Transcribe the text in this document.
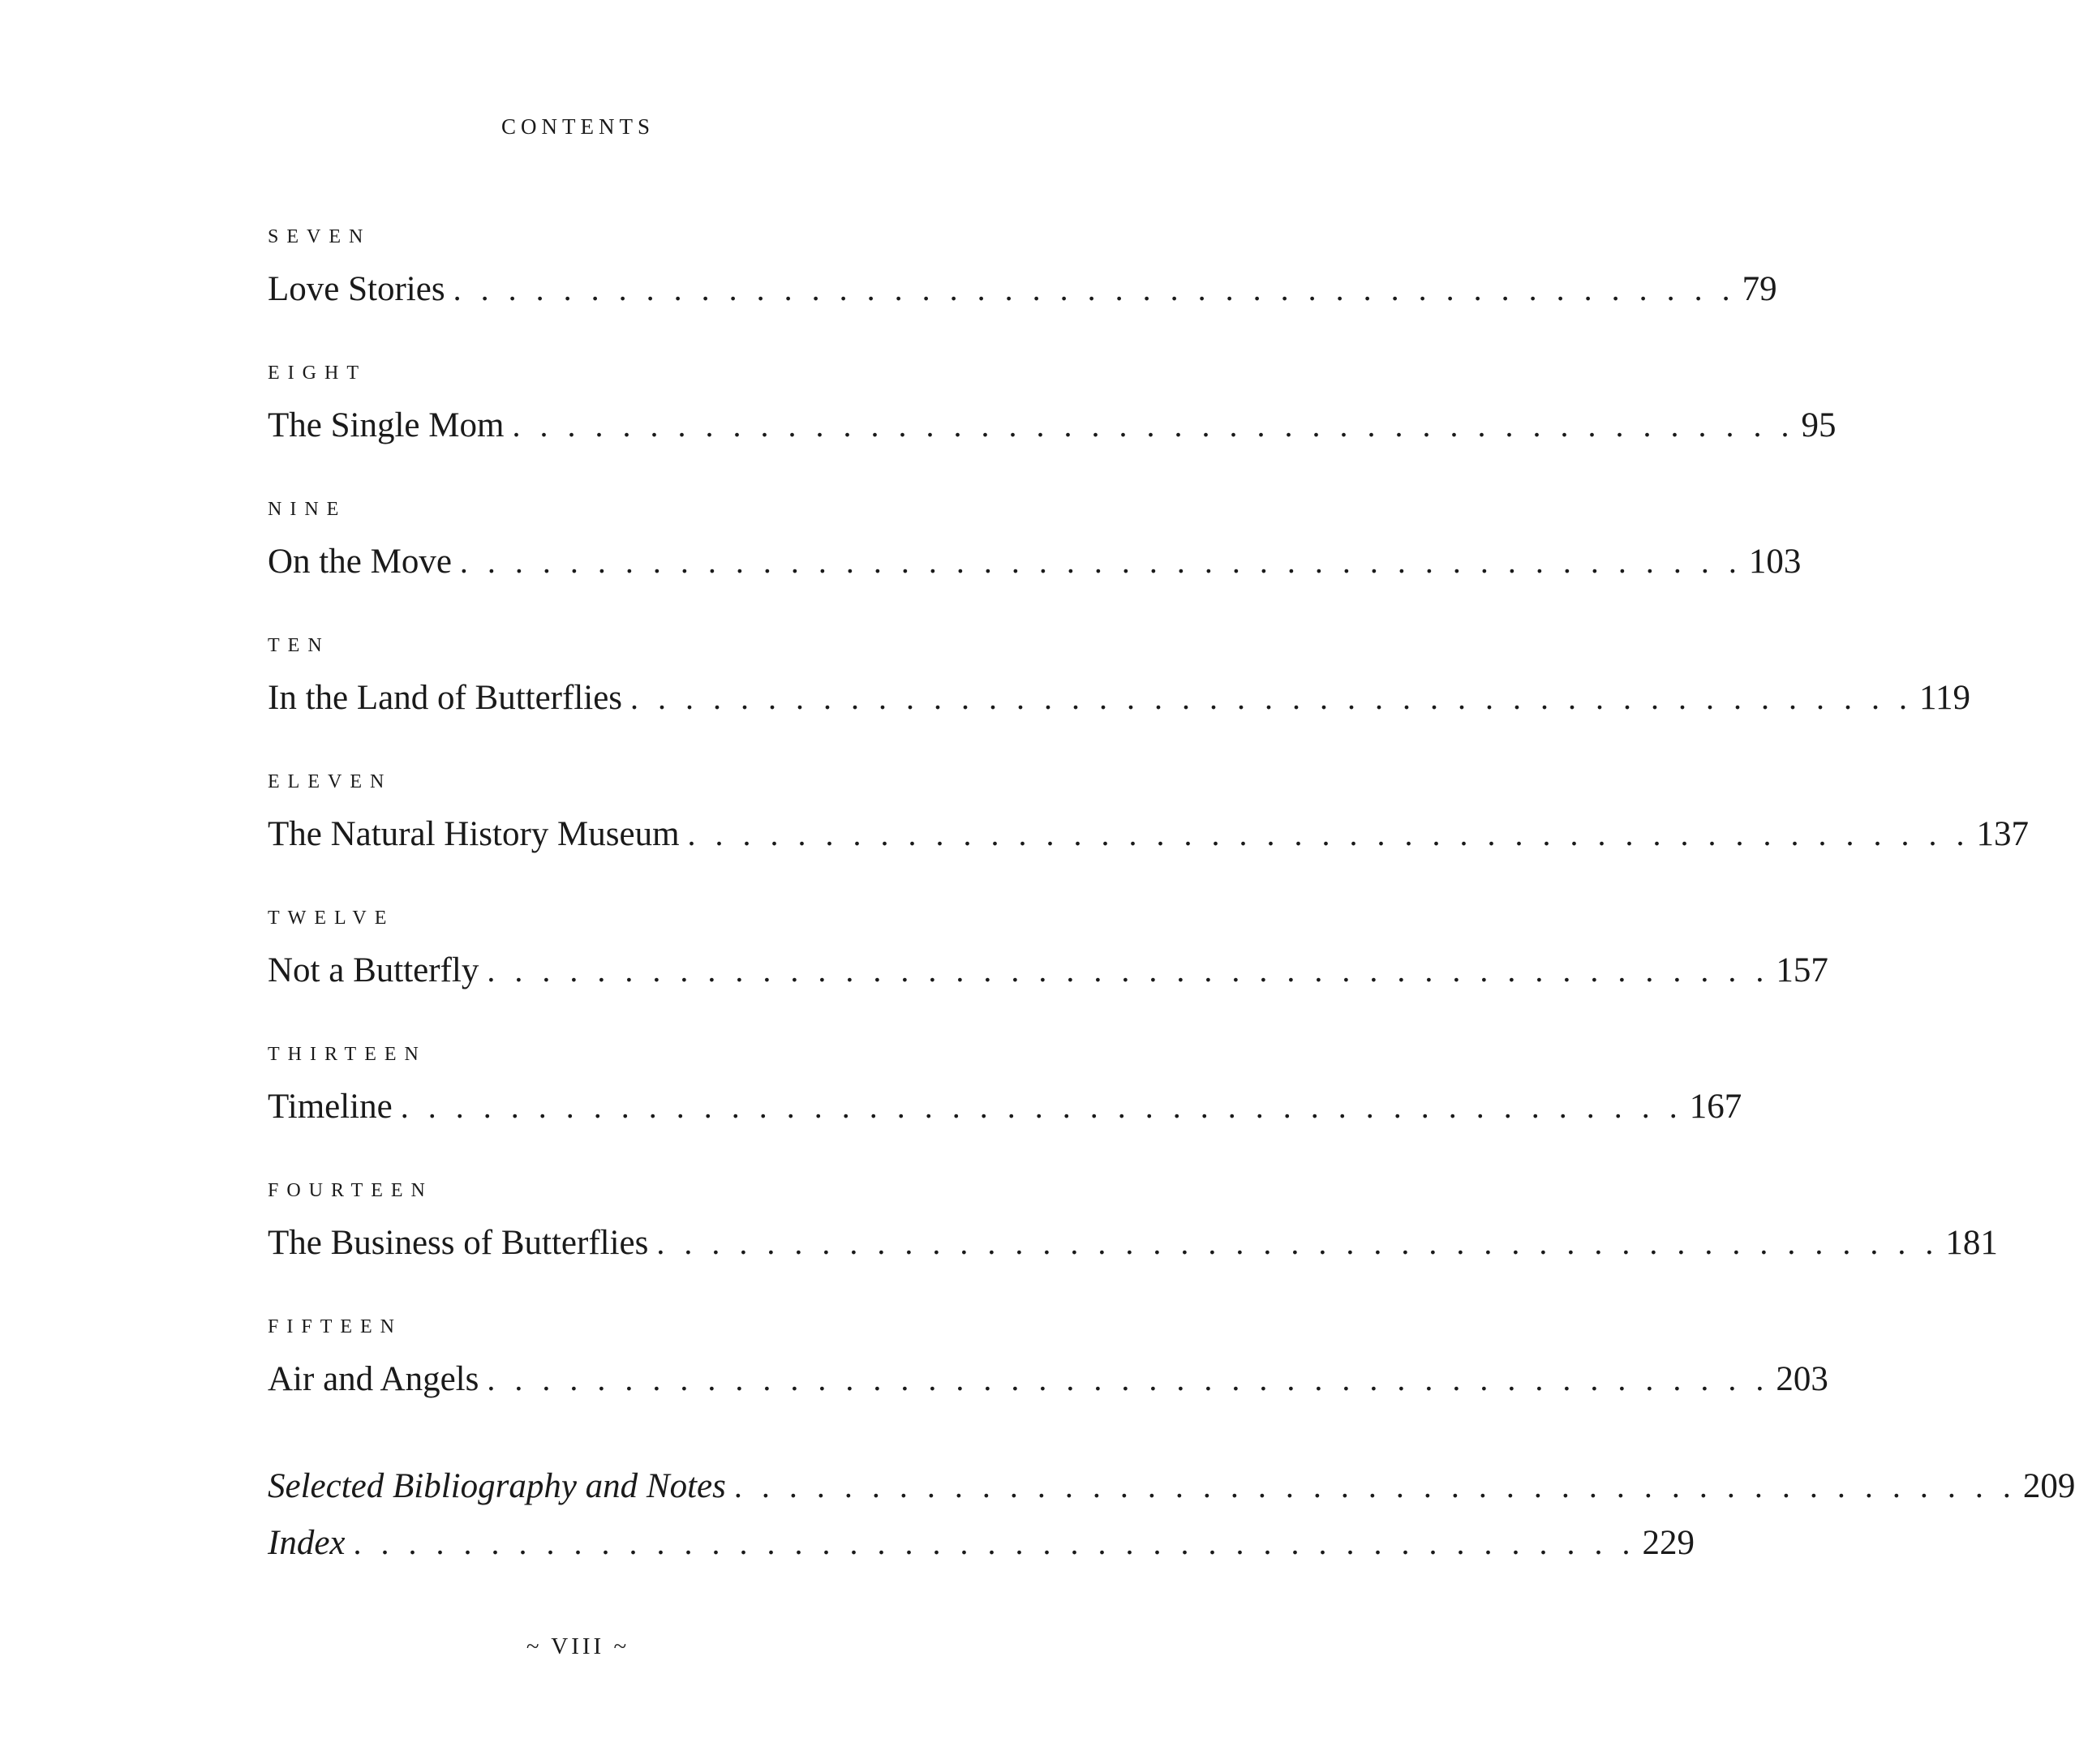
CONTENTS
SEVEN
Love Stories . . . . . . . . . . . . . . . . . . . . . . . . . . . . . . . . . . . . . . . . . . . . . . . 79
EIGHT
The Single Mom . . . . . . . . . . . . . . . . . . . . . . . . . . . . . . . . . . . . . . . . . . . . . . . 95
NINE
On the Move . . . . . . . . . . . . . . . . . . . . . . . . . . . . . . . . . . . . . . . . . . . . . . . 103
TEN
In the Land of Butterflies . . . . . . . . . . . . . . . . . . . . . . . . . . . . . . . . . . . . . . . . . . . . . . . 119
ELEVEN
The Natural History Museum . . . . . . . . . . . . . . . . . . . . . . . . . . . . . . . . . . . . . . . . . . . . . . . 137
TWELVE
Not a Butterfly . . . . . . . . . . . . . . . . . . . . . . . . . . . . . . . . . . . . . . . . . . . . . . . 157
THIRTEEN
Timeline . . . . . . . . . . . . . . . . . . . . . . . . . . . . . . . . . . . . . . . . . . . . . . . 167
FOURTEEN
The Business of Butterflies . . . . . . . . . . . . . . . . . . . . . . . . . . . . . . . . . . . . . . . . . . . . . . . 181
FIFTEEN
Air and Angels . . . . . . . . . . . . . . . . . . . . . . . . . . . . . . . . . . . . . . . . . . . . . . . 203
Selected Bibliography and Notes . . . . . . . . . . . . . . . . . . . . . . . . . . . . . . . . . . . . . . . . . . . . . . . 209
Index . . . . . . . . . . . . . . . . . . . . . . . . . . . . . . . . . . . . . . . . . . . . . . . 229
~ VIII ~
